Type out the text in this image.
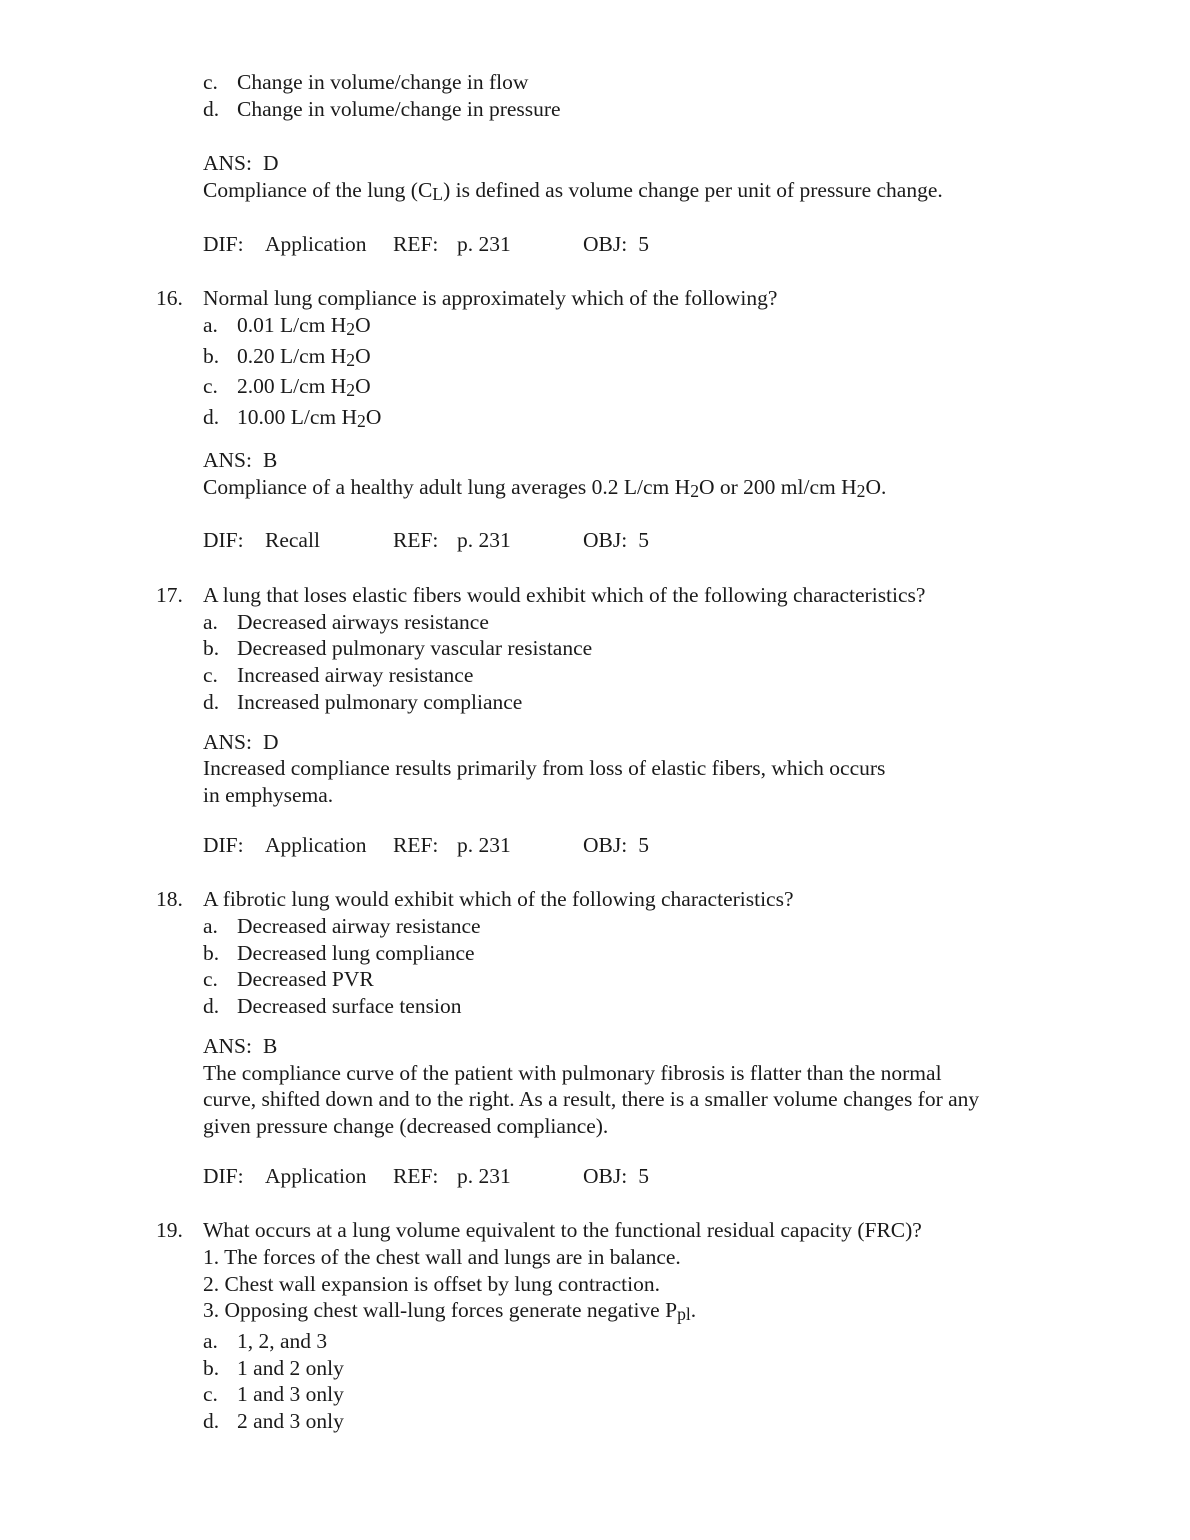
c. Change in volume/change in flow
d. Change in volume/change in pressure
ANS: D
Compliance of the lung (CL) is defined as volume change per unit of pressure change.
DIF: Application	REF: p. 231	OBJ: 5
16. Normal lung compliance is approximately which of the following?
a. 0.01 L/cm H2O
b. 0.20 L/cm H2O
c. 2.00 L/cm H2O
d. 10.00 L/cm H2O
ANS: B
Compliance of a healthy adult lung averages 0.2 L/cm H2O or 200 ml/cm H2O.
DIF: Recall	REF: p. 231	OBJ: 5
17. A lung that loses elastic fibers would exhibit which of the following characteristics?
a. Decreased airways resistance
b. Decreased pulmonary vascular resistance
c. Increased airway resistance
d. Increased pulmonary compliance
ANS: D
Increased compliance results primarily from loss of elastic fibers, which occurs
in emphysema.
DIF: Application	REF: p. 231	OBJ: 5
18. A fibrotic lung would exhibit which of the following characteristics?
a. Decreased airway resistance
b. Decreased lung compliance
c. Decreased PVR
d. Decreased surface tension
ANS: B
The compliance curve of the patient with pulmonary fibrosis is flatter than the normal
curve, shifted down and to the right. As a result, there is a smaller volume changes for any
given pressure change (decreased compliance).
DIF: Application	REF: p. 231	OBJ: 5
19. What occurs at a lung volume equivalent to the functional residual capacity (FRC)?
1. The forces of the chest wall and lungs are in balance.
2. Chest wall expansion is offset by lung contraction.
3. Opposing chest wall-lung forces generate negative Ppl.
a. 1, 2, and 3
b. 1 and 2 only
c. 1 and 3 only
d. 2 and 3 only
